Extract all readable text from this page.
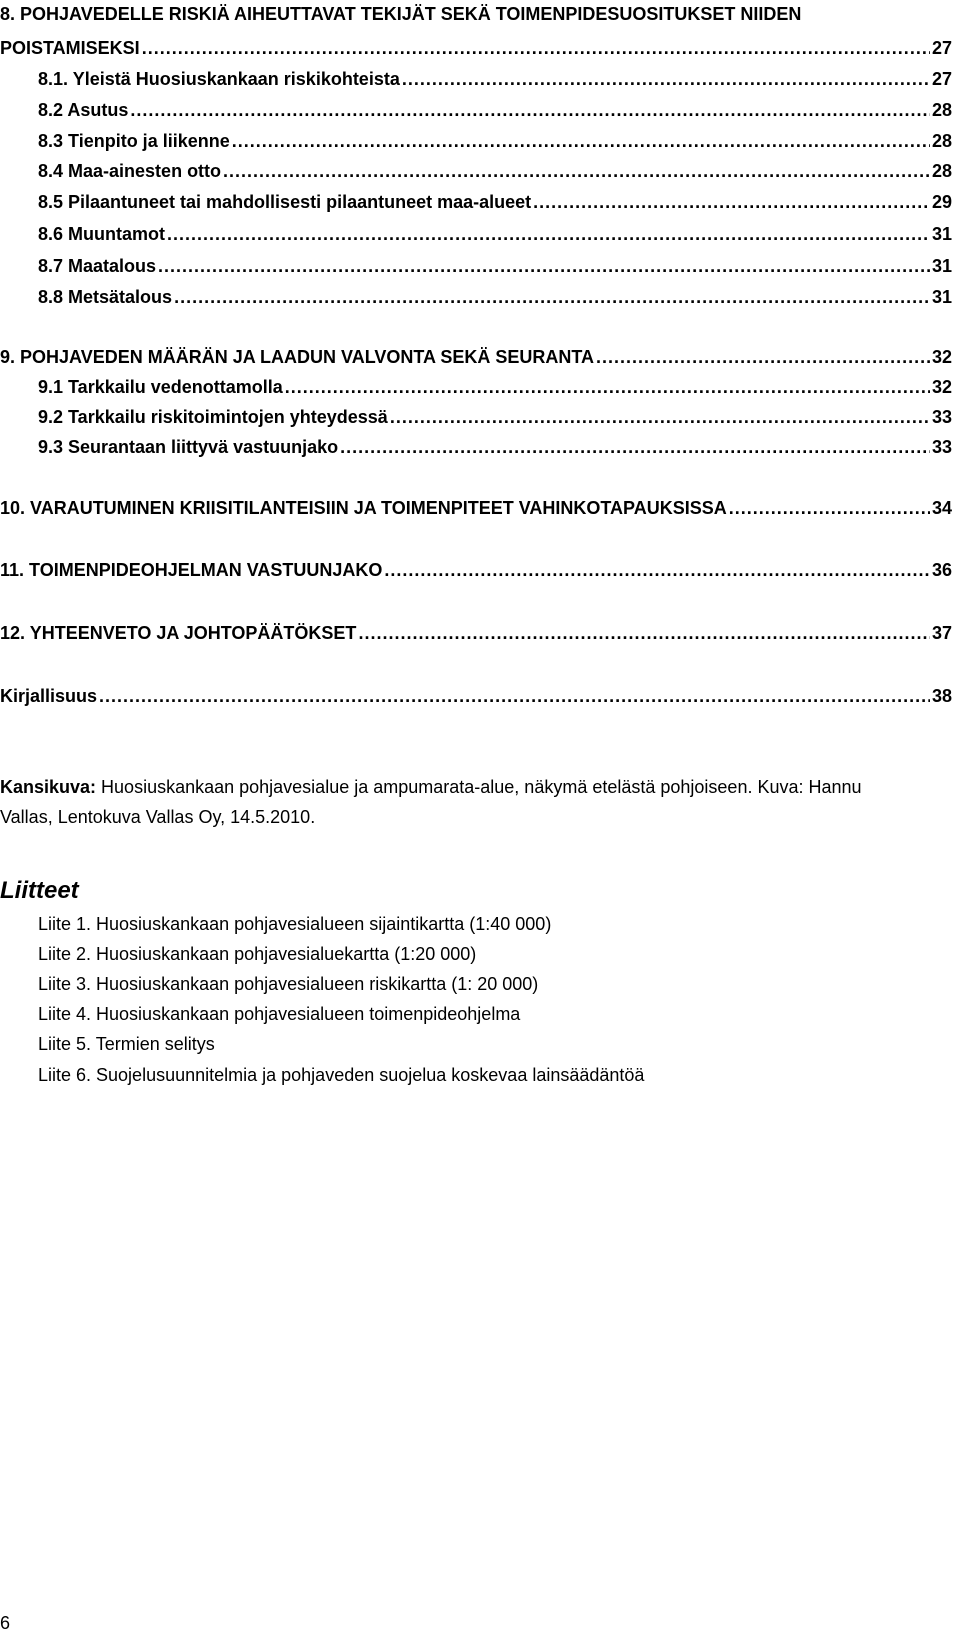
8. POHJAVEDELLE RISKIÄ AIHEUTTAVAT TEKIJÄT SEKÄ TOIMENPIDESUOSITUKSET NIIDEN
POISTAMISEKSI .....	27
8.1. Yleistä Huosiuskankaan riskikohteista .....	27
8.2 Asutus .....	28
8.3 Tienpito ja liikenne .....	28
8.4 Maa-ainesten otto .....	28
8.5 Pilaantuneet tai mahdollisesti pilaantuneet maa-alueet .....	29
8.6 Muuntamot .....	31
8.7 Maatalous .....	31
8.8 Metsätalous .....	31
9. POHJAVEDEN MÄÄRÄN JA LAADUN VALVONTA SEKÄ SEURANTA .....	32
9.1 Tarkkailu vedenottamolla .....	32
9.2 Tarkkailu riskitoimintojen yhteydessä .....	33
9.3 Seurantaan liittyvä vastuunjako .....	33
10. VARAUTUMINEN KRIISITILANTEISIIN JA TOIMENPITEET VAHINKOTAPAUKSISSA .....	34
11. TOIMENPIDEOHJELMAN VASTUUNJAKO .....	36
12. YHTEENVETO JA JOHTOPÄÄTÖKSET .....	37
Kirjallisuus .....	38
Kansikuva: Huosiuskankaan pohjavesialue ja ampumarata-alue, näkymä etelästä pohjoiseen. Kuva: Hannu
Vallas, Lentokuva Vallas Oy, 14.5.2010.
Liitteet
Liite 1. Huosiuskankaan pohjavesialueen sijaintikartta (1:40 000)
Liite 2. Huosiuskankaan pohjavesialuekartta (1:20 000)
Liite 3. Huosiuskankaan pohjavesialueen riskikartta (1: 20 000)
Liite 4. Huosiuskankaan pohjavesialueen toimenpideohjelma
Liite 5. Termien selitys
Liite 6. Suojelusuunnitelmia ja pohjaveden suojelua koskevaa lainsäädäntöä
6
